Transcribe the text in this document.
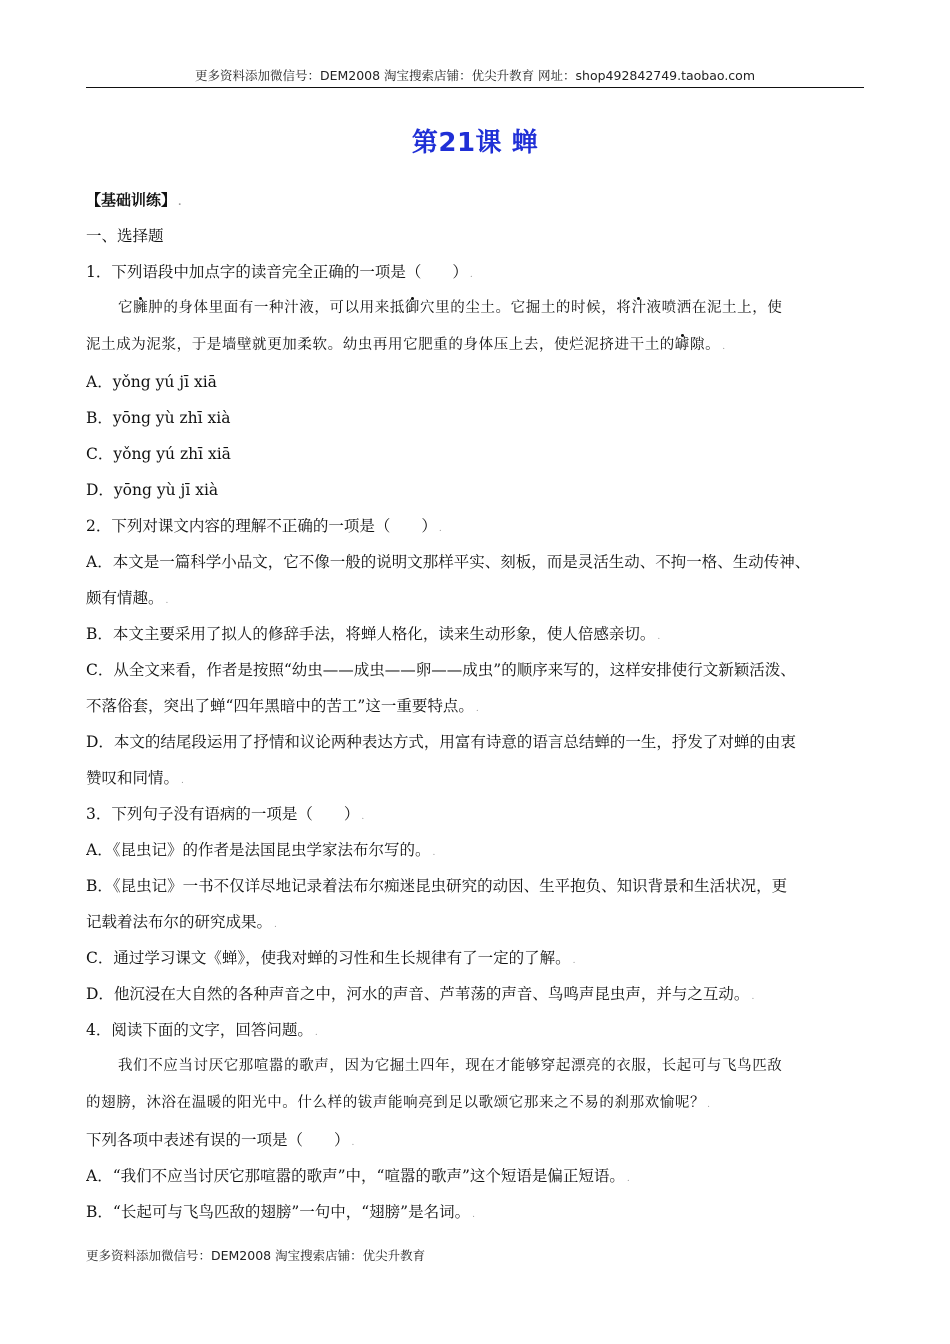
更多资料添加微信号：DEM2008 淘宝搜索店铺：优尖升教育 网址：shop492842749.taobao.com
第21课 蝉
【基础训练】 .
一、选择题
1．下列语段中加点字的读音完全正确的一项是（　　） .
它臃肿的身体里面有一种汁液，可以用来抵御穴里的尘土。它掘土的时候，将汁液喷洒在泥土上，使
泥土成为泥浆，于是墙壁就更加柔软。幼虫再用它肥重的身体压上去，使烂泥挤进干土的罅隙。 .
A．yǒng yú jī xiā
B．yōng yù zhī xià
C．yǒng yú zhī xiā
D．yōng yù jī xià
2．下列对课文内容的理解不正确的一项是（　　） .
A．本文是一篇科学小品文，它不像一般的说明文那样平实、刻板，而是灵活生动、不拘一格、生动传神、
颇有情趣。 .
B．本文主要采用了拟人的修辞手法，将蝉人格化，读来生动形象，使人倍感亲切。 .
C．从全文来看，作者是按照“幼虫——成虫——卵——成虫”的顺序来写的，这样安排使行文新颖活泼、
不落俗套，突出了蝉“四年黑暗中的苦工”这一重要特点。 .
D．本文的结尾段运用了抒情和议论两种表达方式，用富有诗意的语言总结蝉的一生，抒发了对蝉的由衷
赞叹和同情。 .
3．下列句子没有语病的一项是（　　） .
A．《昆虫记》的作者是法国昆虫学家法布尔写的。 .
B．《昆虫记》一书不仅详尽地记录着法布尔痴迷昆虫研究的动因、生平抱负、知识背景和生活状况，更
记载着法布尔的研究成果。 .
C．通过学习课文《蝉》，使我对蝉的习性和生长规律有了一定的了解。 .
D．他沉浸在大自然的各种声音之中，河水的声音、芦苇荡的声音、鸟鸣声昆虫声，并与之互动。 .
4．阅读下面的文字，回答问题。 .
我们不应当讨厌它那喧嚣的歌声，因为它掘土四年，现在才能够穿起漂亮的衣服，长起可与飞鸟匹敌
的翅膀，沐浴在温暖的阳光中。什么样的钹声能响亮到足以歌颂它那来之不易的刹那欢愉呢？ .
下列各项中表述有误的一项是（　　） .
A．“我们不应当讨厌它那喧嚣的歌声”中，“喧嚣的歌声”这个短语是偏正短语。 .
B．“长起可与飞鸟匹敌的翅膀”一句中，“翅膀”是名词。 .
更多资料添加微信号：DEM2008 淘宝搜索店铺：优尖升教育
